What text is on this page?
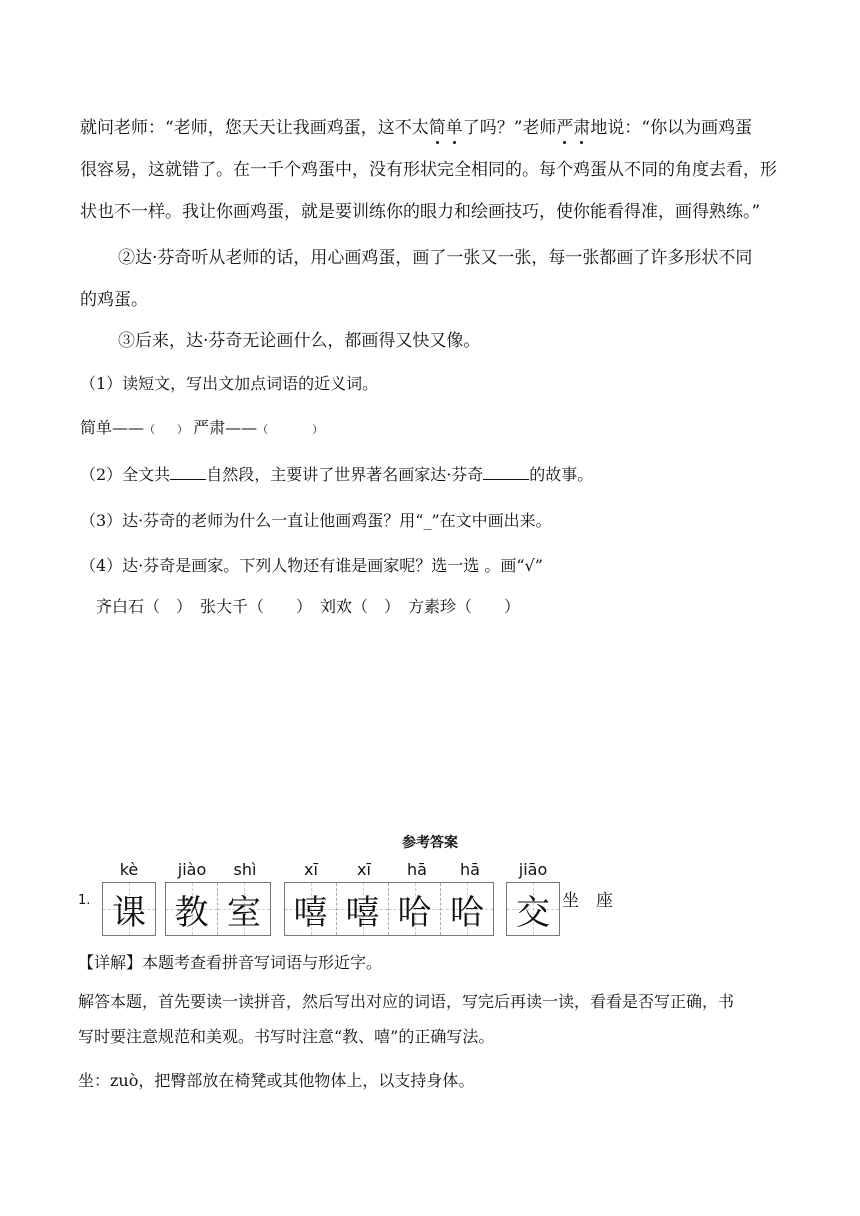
就问老师：“老师，您天天让我画鸡蛋，这不太简单了吗？”老师严肃地说：“你以为画鸡蛋
很容易，这就错了。在一千个鸡蛋中，没有形状完全相同的。每个鸡蛋从不同的角度去看，形
状也不一样。我让你画鸡蛋，就是要训练你的眼力和绘画技巧，使你能看得准，画得熟练。”
②达·芬奇听从老师的话，用心画鸡蛋，画了一张又一张，每一张都画了许多形状不同
的鸡蛋。
③后来，达·芬奇无论画什么，都画得又快又像。
（1）读短文，写出文加点词语的近义词。
简单——（　　） 严肃——（　　　　）
（2）全文共 自然段，主要讲了世界著名画家达·芬奇	的故事。
（3）达·芬奇的老师为什么一直让他画鸡蛋？用“_”在文中画出来。
（4）达·芬奇是画家。下列人物还有谁是画家呢？选一选 。画“√”
齐白石（　）　张大千（　　）　刘欢（　）　方素珍（　　）
参考答案
1.
kè
课
jiào	shì
教 室
xī	xī	hā	hā
嘻 嘻 哈 哈
jiāo
交 坐　座
【详解】本题考查看拼音写词语与形近字。
解答本题，首先要读一读拼音，然后写出对应的词语，写完后再读一读，看看是否写正确，书
写时要注意规范和美观。书写时注意“教、嘻”的正确写法。
坐：zuò，把臀部放在椅凳或其他物体上，以支持身体。
